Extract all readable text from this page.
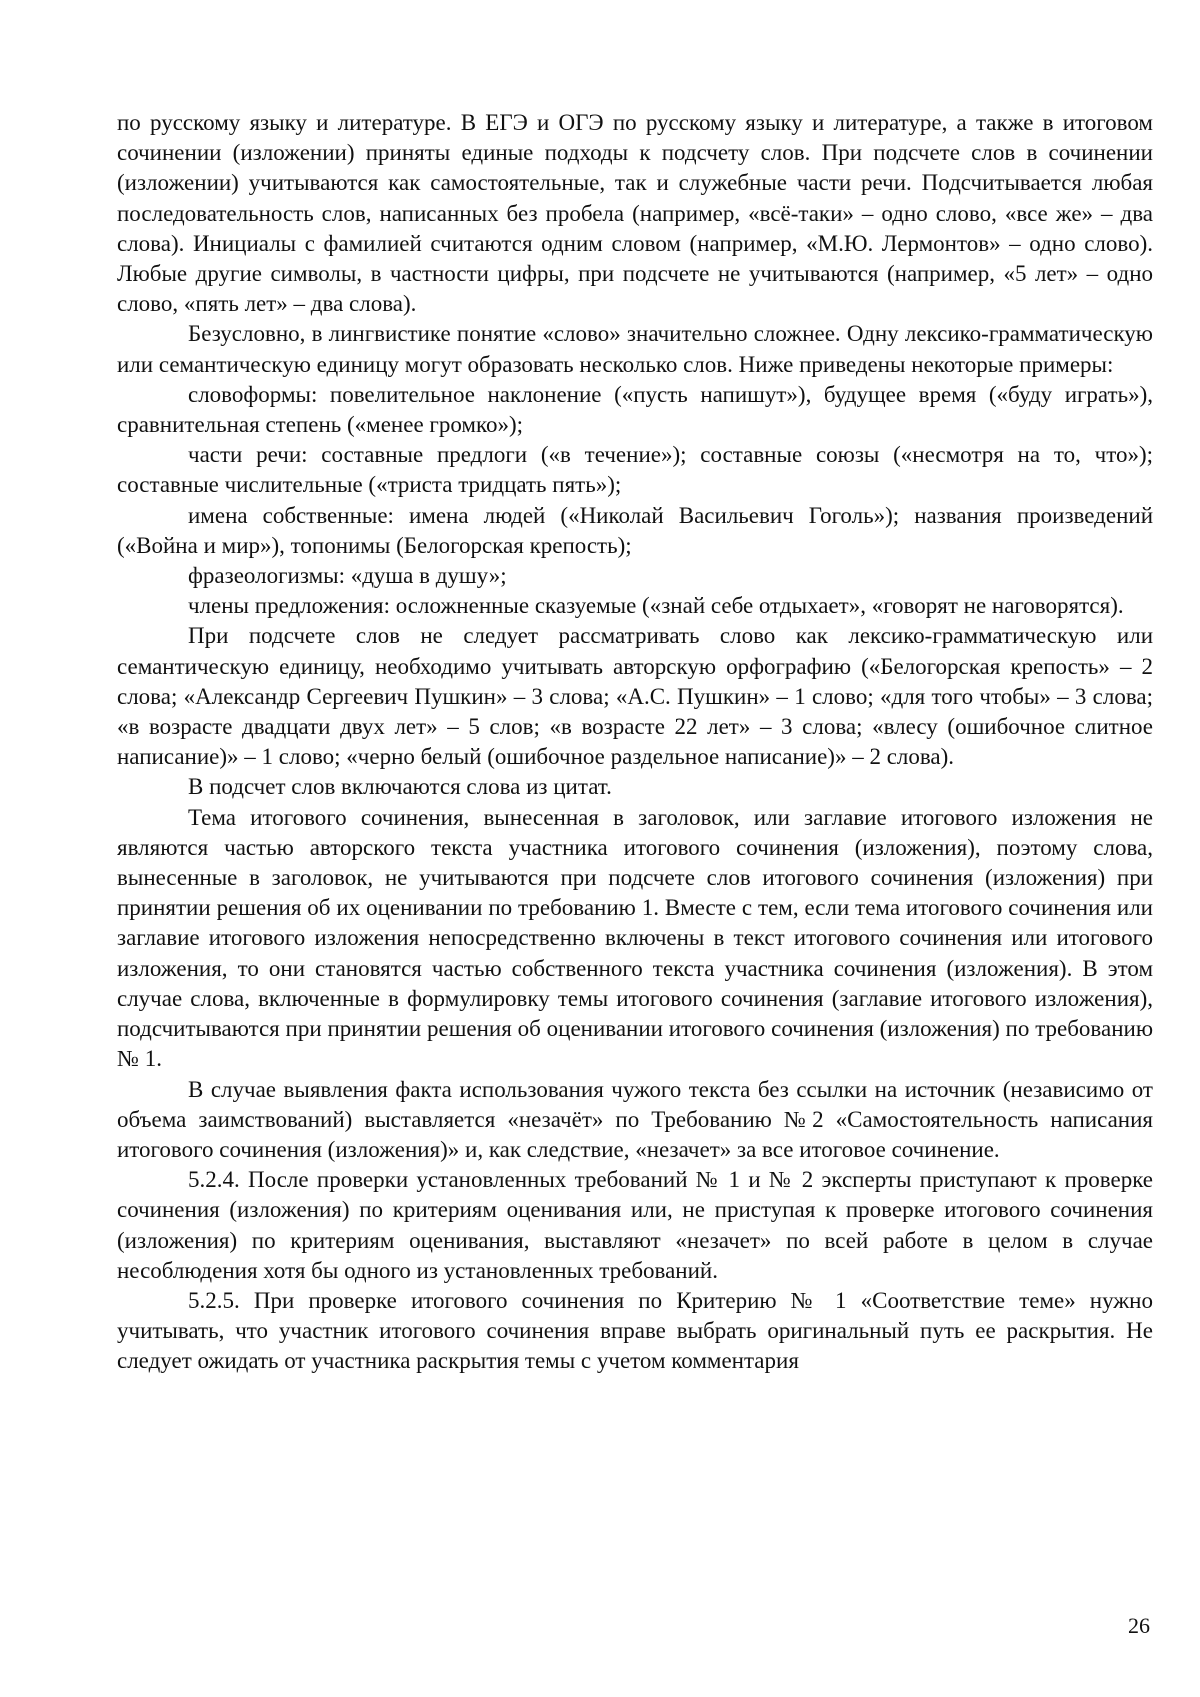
по русскому языку и литературе. В ЕГЭ и ОГЭ по русскому языку и литературе, а также в итоговом сочинении (изложении) приняты единые подходы к подсчету слов. При подсчете слов в сочинении (изложении) учитываются как самостоятельные, так и служебные части речи. Подсчитывается любая последовательность слов, написанных без пробела (например, «всё-таки» – одно слово, «все же» – два слова). Инициалы с фамилией считаются одним словом (например, «М.Ю. Лермонтов» – одно слово). Любые другие символы, в частности цифры, при подсчете не учитываются (например, «5 лет» – одно слово, «пять лет» – два слова).

Безусловно, в лингвистике понятие «слово» значительно сложнее. Одну лексико-грамматическую или семантическую единицу могут образовать несколько слов. Ниже приведены некоторые примеры:

словоформы: повелительное наклонение («пусть напишут»), будущее время («буду играть»), сравнительная степень («менее громко»);

части речи: составные предлоги («в течение»); составные союзы («несмотря на то, что»); составные числительные («триста тридцать пять»);

имена собственные: имена людей («Николай Васильевич Гоголь»); названия произведений («Война и мир»), топонимы (Белогорская крепость);

фразеологизмы: «душа в душу»;

члены предложения: осложненные сказуемые («знай себе отдыхает», «говорят не наговорятся).

При подсчете слов не следует рассматривать слово как лексико-грамматическую или семантическую единицу, необходимо учитывать авторскую орфографию («Белогорская крепость» – 2 слова; «Александр Сергеевич Пушкин» – 3 слова; «А.С. Пушкин» – 1 слово; «для того чтобы» – 3 слова; «в возрасте двадцати двух лет» – 5 слов; «в возрасте 22 лет» – 3 слова; «влесу (ошибочное слитное написание)» – 1 слово; «черно белый (ошибочное раздельное написание)» – 2 слова).

В подсчет слов включаются слова из цитат.

Тема итогового сочинения, вынесенная в заголовок, или заглавие итогового изложения не являются частью авторского текста участника итогового сочинения (изложения), поэтому слова, вынесенные в заголовок, не учитываются при подсчете слов итогового сочинения (изложения) при принятии решения об их оценивании по требованию 1. Вместе с тем, если тема итогового сочинения или заглавие итогового изложения непосредственно включены в текст итогового сочинения или итогового изложения, то они становятся частью собственного текста участника сочинения (изложения). В этом случае слова, включенные в формулировку темы итогового сочинения (заглавие итогового изложения), подсчитываются при принятии решения об оценивании итогового сочинения (изложения) по требованию № 1.

В случае выявления факта использования чужого текста без ссылки на источник (независимо от объема заимствований) выставляется «незачёт» по Требованию №2 «Самостоятельность написания итогового сочинения (изложения)» и, как следствие, «незачет» за все итоговое сочинение.

5.2.4. После проверки установленных требований № 1 и № 2 эксперты приступают к проверке сочинения (изложения) по критериям оценивания или, не приступая к проверке итогового сочинения (изложения) по критериям оценивания, выставляют «незачет» по всей работе в целом в случае несоблюдения хотя бы одного из установленных требований.

5.2.5. При проверке итогового сочинения по Критерию № 1 «Соответствие теме» нужно учитывать, что участник итогового сочинения вправе выбрать оригинальный путь ее раскрытия. Не следует ожидать от участника раскрытия темы с учетом комментария

26
